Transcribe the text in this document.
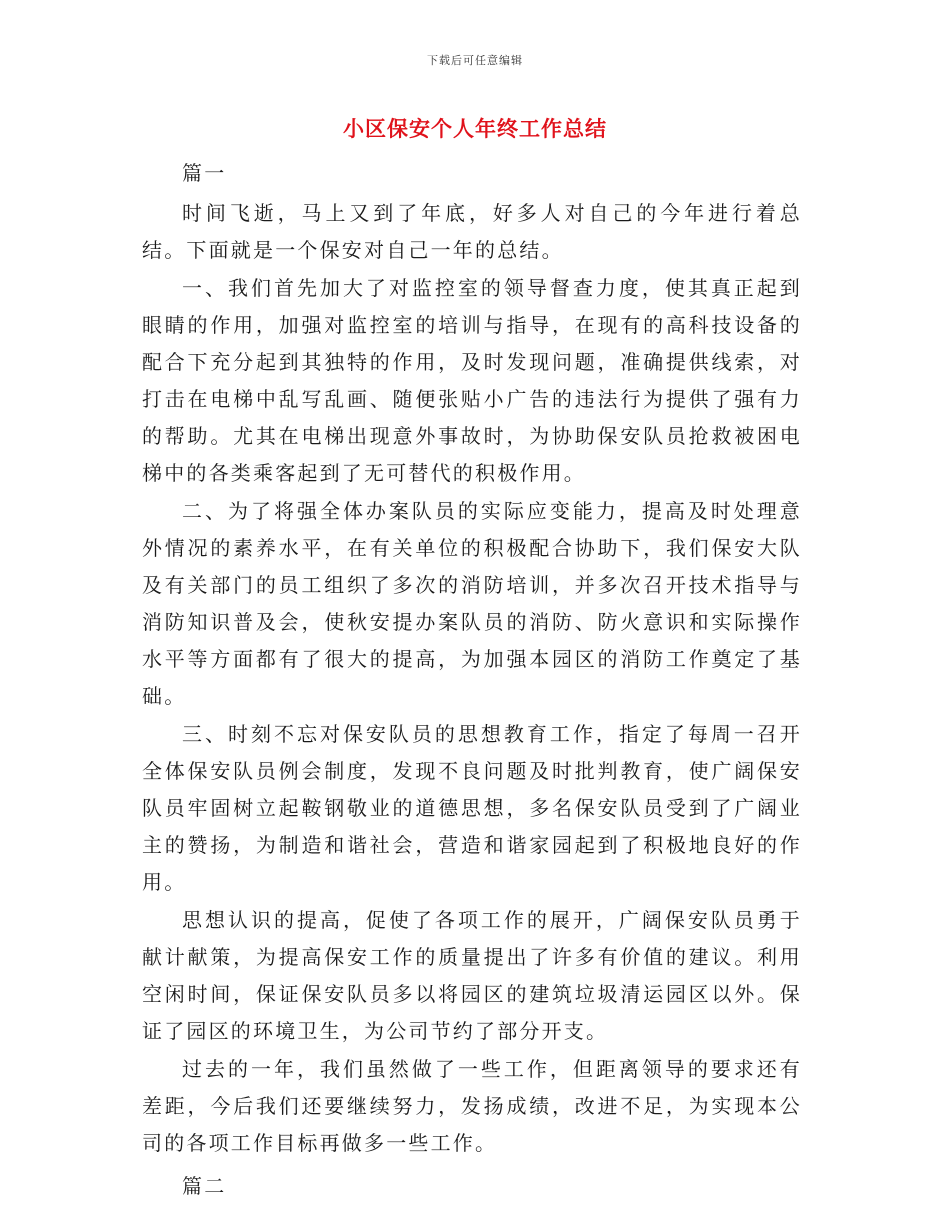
下载后可任意编辑
小区保安个人年终工作总结

篇一

时间飞逝，马上又到了年底，好多人对自己的今年进行着总结。下面就是一个保安对自己一年的总结。

一、我们首先加大了对监控室的领导督查力度，使其真正起到眼睛的作用，加强对监控室的培训与指导，在现有的高科技设备的配合下充分起到其独特的作用，及时发现问题，准确提供线索，对打击在电梯中乱写乱画、随便张贴小广告的违法行为提供了强有力的帮助。尤其在电梯出现意外事故时，为协助保安队员抢救被困电梯中的各类乘客起到了无可替代的积极作用。

二、为了将强全体办案队员的实际应变能力，提高及时处理意外情况的素养水平，在有关单位的积极配合协助下，我们保安大队及有关部门的员工组织了多次的消防培训，并多次召开技术指导与消防知识普及会，使秋安提办案队员的消防、防火意识和实际操作水平等方面都有了很大的提高，为加强本园区的消防工作奠定了基础。

三、时刻不忘对保安队员的思想教育工作，指定了每周一召开全体保安队员例会制度，发现不良问题及时批判教育，使广阔保安队员牢固树立起鞍钢敬业的道德思想，多名保安队员受到了广阔业主的赞扬，为制造和谐社会，营造和谐家园起到了积极地良好的作用。

思想认识的提高，促使了各项工作的展开，广阔保安队员勇于献计献策，为提高保安工作的质量提出了许多有价值的建议。利用空闲时间，保证保安队员多以将园区的建筑垃圾清运园区以外。保证了园区的环境卫生，为公司节约了部分开支。

过去的一年，我们虽然做了一些工作，但距离领导的要求还有差距，今后我们还要继续努力，发扬成绩，改进不足，为实现本公司的各项工作目标再做多一些工作。

篇二
